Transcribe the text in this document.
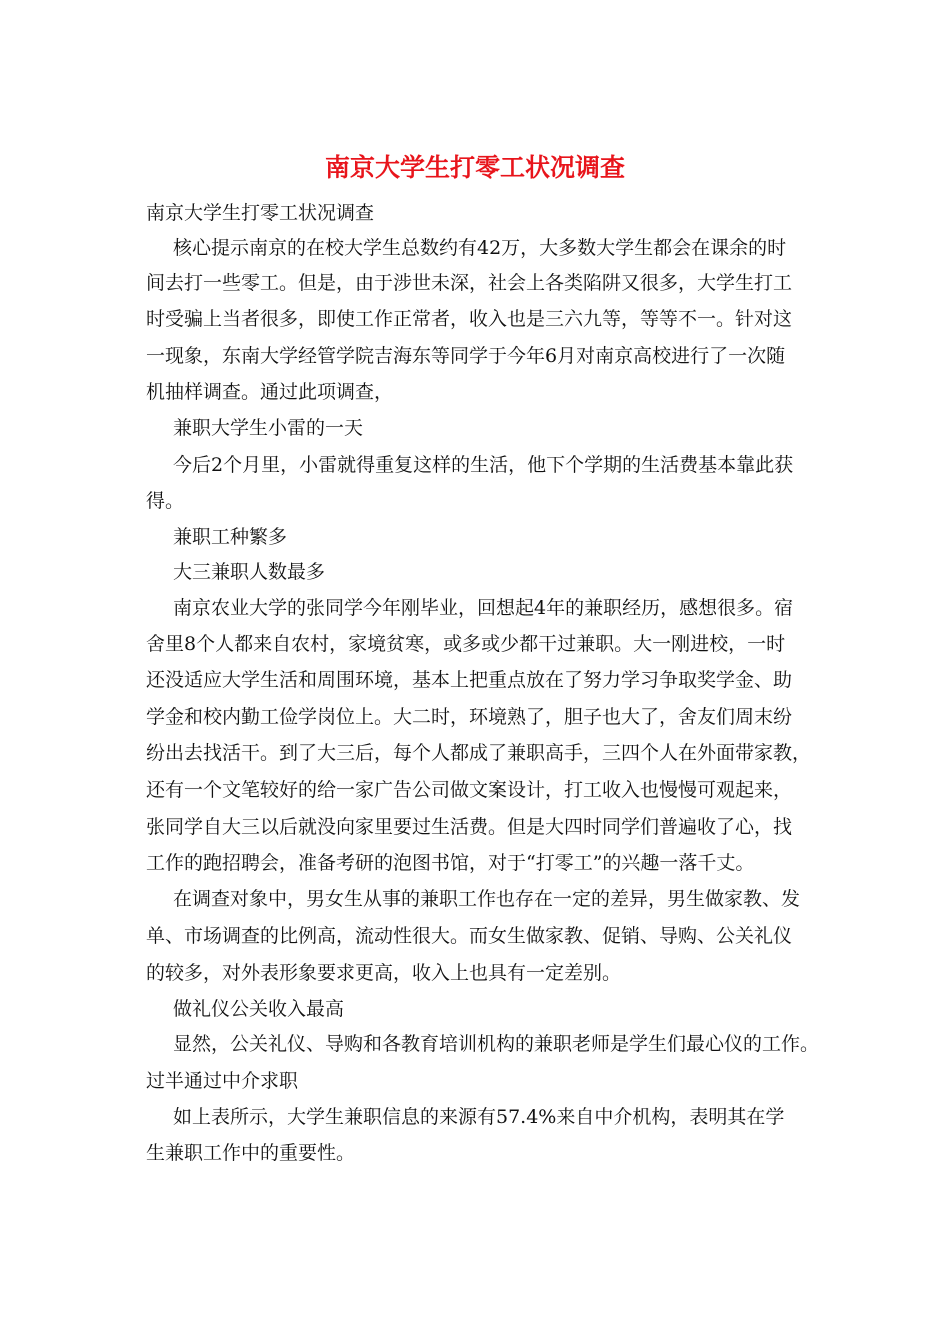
南京大学生打零工状况调查
南京大学生打零工状况调查
核心提示南京的在校大学生总数约有42万，大多数大学生都会在课余的时
间去打一些零工。但是，由于涉世未深，社会上各类陷阱又很多，大学生打工
时受骗上当者很多，即使工作正常者，收入也是三六九等，等等不一。针对这
一现象，东南大学经管学院吉海东等同学于今年6月对南京高校进行了一次随
机抽样调查。通过此项调查，
兼职大学生小雷的一天
今后2个月里，小雷就得重复这样的生活，他下个学期的生活费基本靠此获
得。
兼职工种繁多
大三兼职人数最多
南京农业大学的张同学今年刚毕业，回想起4年的兼职经历，感想很多。宿
舍里8个人都来自农村，家境贫寒，或多或少都干过兼职。大一刚进校，一时
还没适应大学生活和周围环境，基本上把重点放在了努力学习争取奖学金、助
学金和校内勤工俭学岗位上。大二时，环境熟了，胆子也大了，舍友们周末纷
纷出去找活干。到了大三后，每个人都成了兼职高手，三四个人在外面带家教，
还有一个文笔较好的给一家广告公司做文案设计，打工收入也慢慢可观起来，
张同学自大三以后就没向家里要过生活费。但是大四时同学们普遍收了心，找
工作的跑招聘会，准备考研的泡图书馆，对于“打零工”的兴趣一落千丈。
在调查对象中，男女生从事的兼职工作也存在一定的差异，男生做家教、发
单、市场调查的比例高，流动性很大。而女生做家教、促销、导购、公关礼仪
的较多，对外表形象要求更高，收入上也具有一定差别。
做礼仪公关收入最高
显然，公关礼仪、导购和各教育培训机构的兼职老师是学生们最心仪的工作。
过半通过中介求职
如上表所示，大学生兼职信息的来源有57.4%来自中介机构，表明其在学
生兼职工作中的重要性。
